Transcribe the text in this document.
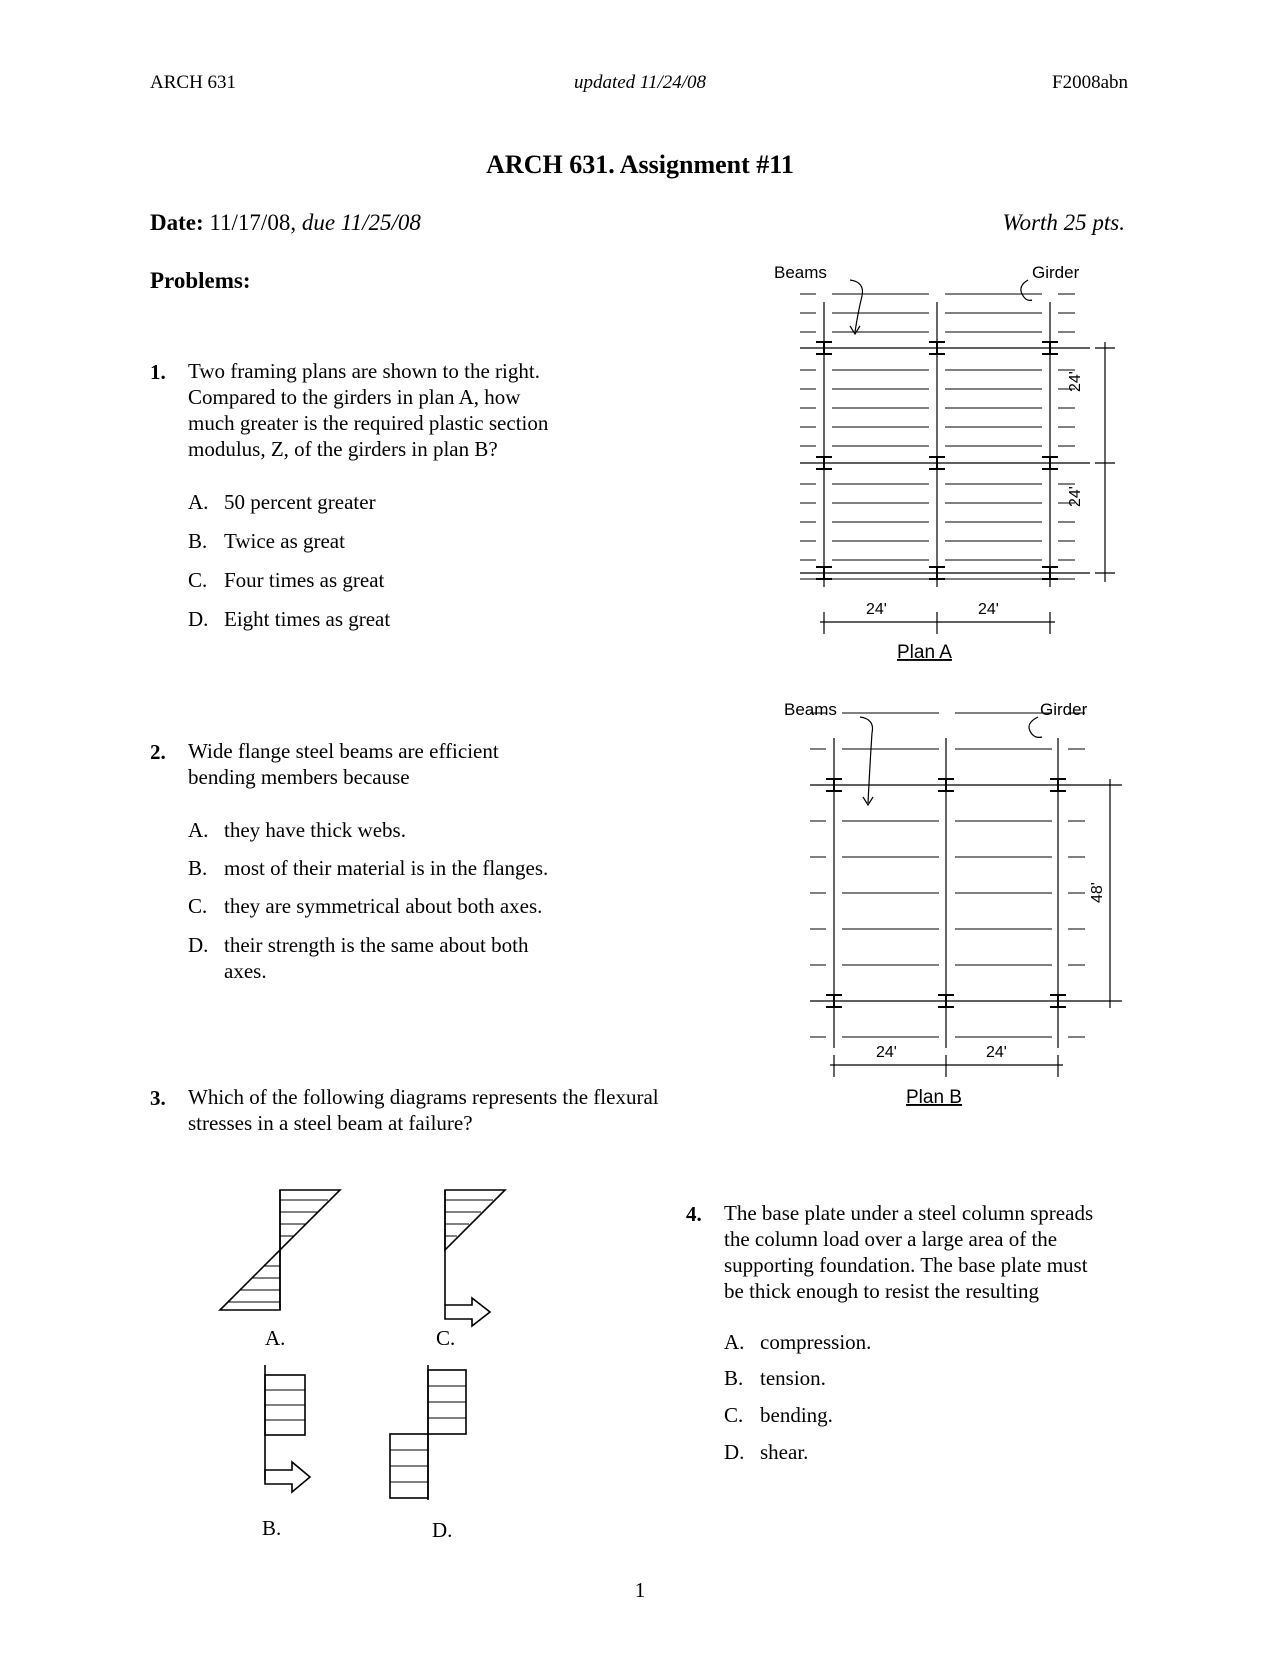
ARCH 631	updated 11/24/08	F2008abn
ARCH 631. Assignment #11
Date: 11/17/08, due 11/25/08	Worth 25 pts.
Problems:
1. Two framing plans are shown to the right.
Compared to the girders in plan A, how
much greater is the required plastic section
modulus, Z, of the girders in plan B?
A. 50 percent greater
B. Twice as great
C. Four times as great
D. Eight times as great
2. Wide flange steel beams are efficient
bending members because
A. they have thick webs.
B. most of their material is in the flanges.
C. they are symmetrical about both axes.
D. their strength is the same about both
axes.
3. Which of the following diagrams represents the flexural
stresses in a steel beam at failure?
A.	C.
B.	D.
4. The base plate under a steel column spreads
the column load over a large area of the
supporting foundation. The base plate must
be thick enough to resist the resulting
A. compression.
B. tension.
C. bending.
D. shear.
Beams	Girder
24'
24'
24'	24'
Plan A
Beams	Girder
48'
24'	24'
Plan B
1
